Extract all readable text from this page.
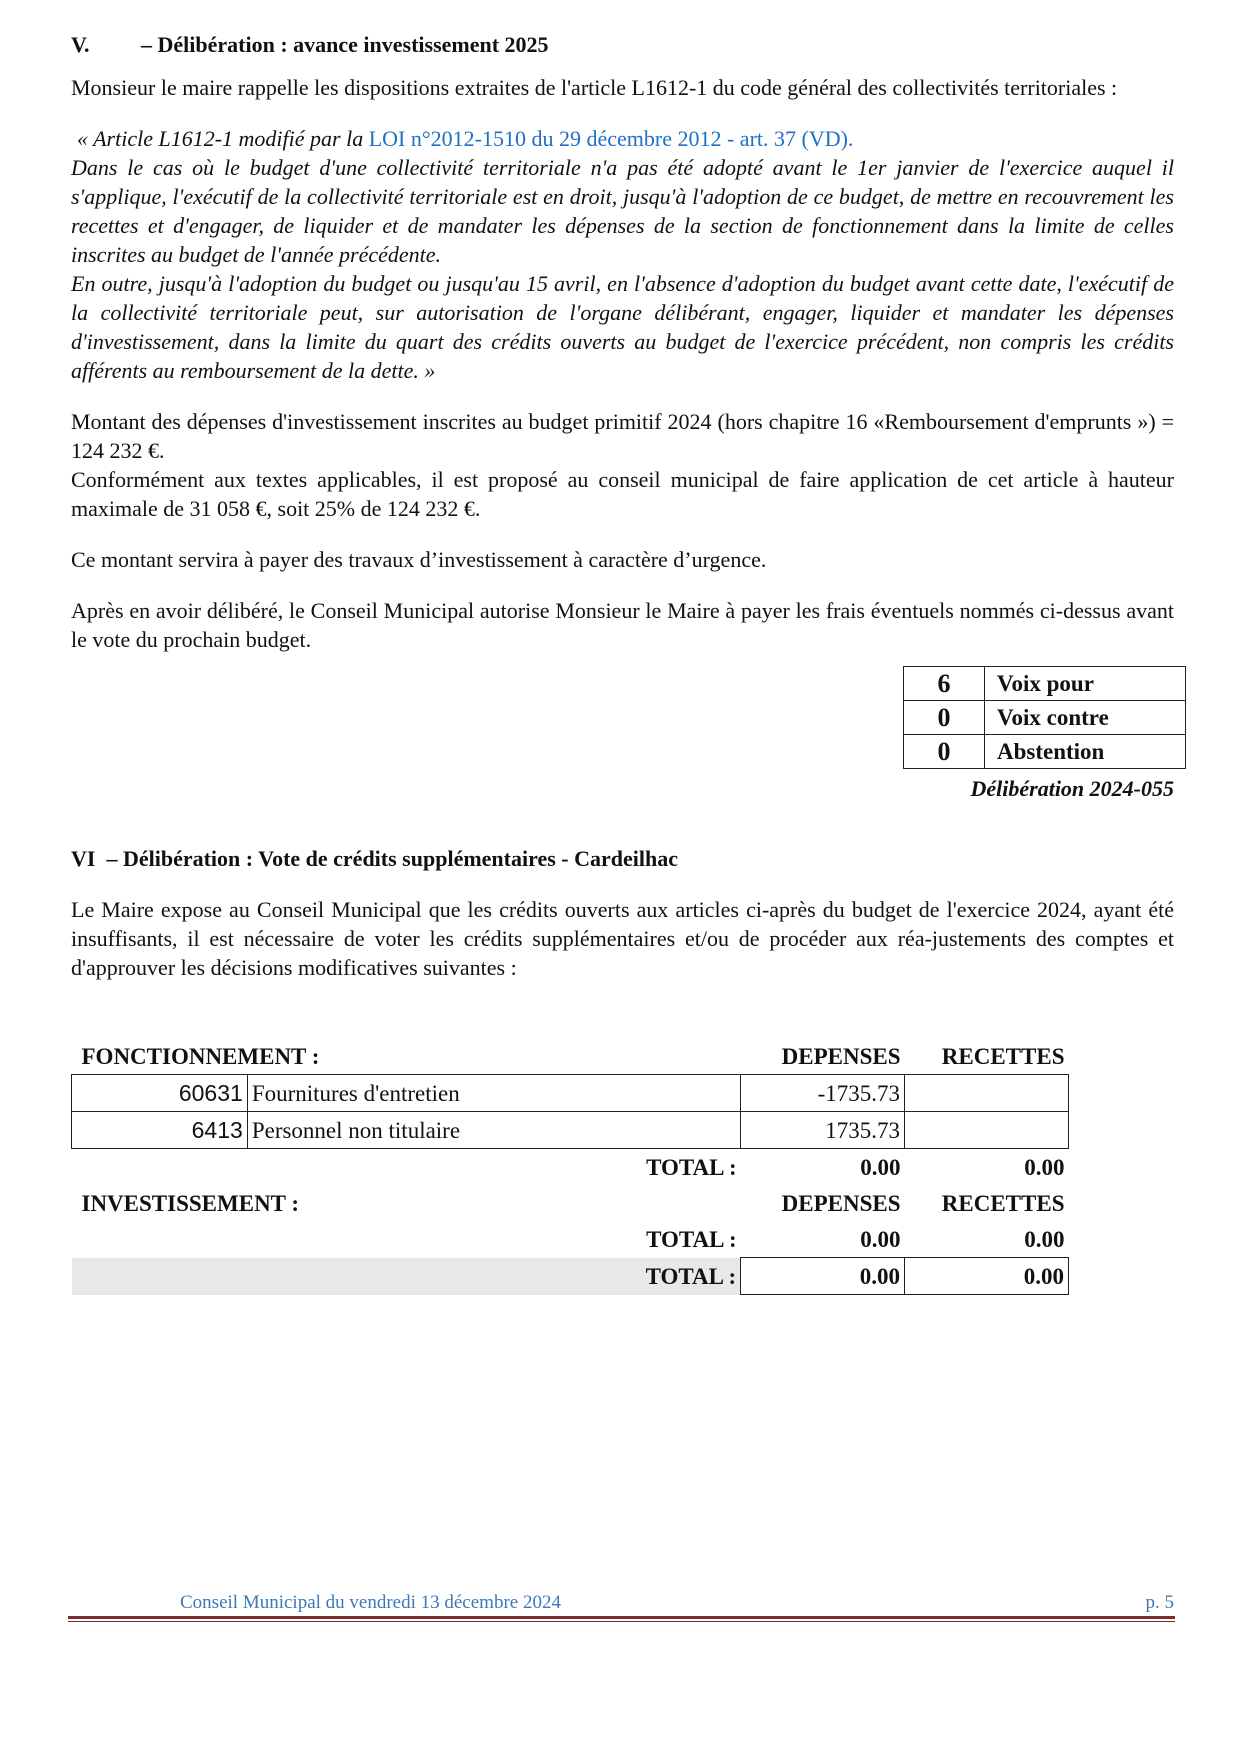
V. – Délibération : avance investissement 2025

Monsieur le maire rappelle les dispositions extraites de l'article L1612-1 du code général des collectivités territoriales :

« Article L1612-1 modifié par la LOI n°2012-1510 du 29 décembre 2012 - art. 37 (VD).

Dans le cas où le budget d'une collectivité territoriale n'a pas été adopté avant le 1er janvier de l'exercice auquel il s'applique, l'exécutif de la collectivité territoriale est en droit, jusqu'à l'adoption de ce budget, de mettre en recouvrement les recettes et d'engager, de liquider et de mandater les dépenses de la section de fonctionnement dans la limite de celles inscrites au budget de l'année précédente.

En outre, jusqu'à l'adoption du budget ou jusqu'au 15 avril, en l'absence d'adoption du budget avant cette date, l'exécutif de la collectivité territoriale peut, sur autorisation de l'organe délibérant, engager, liquider et mandater les dépenses d'investissement, dans la limite du quart des crédits ouverts au budget de l'exercice précédent, non compris les crédits afférents au remboursement de la dette. »

Montant des dépenses d'investissement inscrites au budget primitif 2024 (hors chapitre 16 «Remboursement d'emprunts ») = 124 232 €.

Conformément aux textes applicables, il est proposé au conseil municipal de faire application de cet article à hauteur maximale de 31 058 €, soit 25% de 124 232 €.

Ce montant servira à payer des travaux d’investissement à caractère d’urgence.

Après en avoir délibéré, le Conseil Municipal autorise Monsieur le Maire à payer les frais éventuels nommés ci-dessus avant le vote du prochain budget.

6	Voix pour
0	Voix contre
0	Abstention
Délibération 2024-055
VI – Délibération : Vote de crédits supplémentaires - Cardeilhac

Le Maire expose au Conseil Municipal que les crédits ouverts aux articles ci-après du budget de l'exercice 2024, ayant été insuffisants, il est nécessaire de voter les crédits supplémentaires et/ou de procéder aux réa-justements des comptes et d'approuver les décisions modificatives suivantes :

FONCTIONNEMENT :		DEPENSES	RECETTES
60631	Fournitures d'entretien	-1735.73	
6413	Personnel non titulaire	1735.73	
	TOTAL :	0.00	0.00
INVESTISSEMENT :		DEPENSES	RECETTES
	TOTAL :	0.00	0.00
	TOTAL :	0.00	0.00
Conseil Municipal du vendredi 13 décembre 2024	p. 5
